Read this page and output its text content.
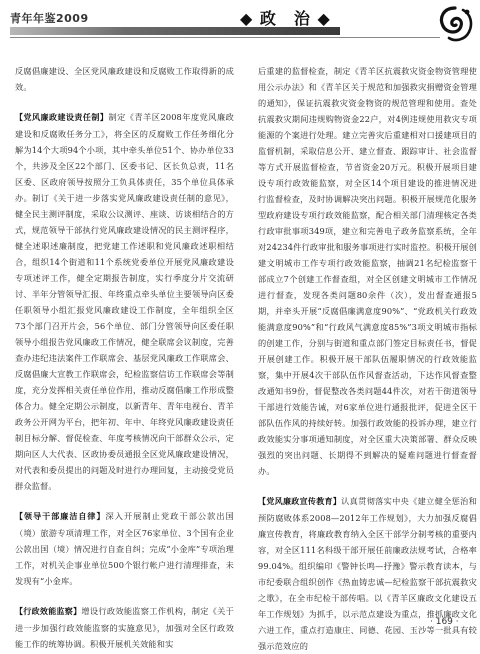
青年年鉴2009	◆ 政　治 ◆

反腐倡廉建设、全区党风廉政建设和反腐败工作取得新的成效。

【党风廉政建设责任制】制定《青羊区2008年度党风廉政建设和反腐败任务分工》，将全区的反腐败工作任务细化分解为14个大项94个小项，其中牵头单位51个、协办单位33个，共涉及全区22个部门、区委书记、区长负总责，11名区委、区政府领导按照分工负具体责任，35个单位具体承办。制订《关于进一步落实党风廉政建设责任制的意见》，健全民主测评制度，采取公议测评、座谈、访谈相结合的方式，规范领导干部执行党风廉政建设情况的民主测评程序，健全述职述廉制度，把党建工作述职和党风廉政述职相结合，组织14个街道和11个系统党委单位开展党风廉政建设专项述评工作，健全定期报告制度，实行季度分片交流研讨、半年分管领导汇报、年终重点牵头单位主要领导向区委任职领导小组汇报党风廉政建设工作制度，全年组织全区73个部门召开片会，56个单位、部门分管领导向区委任职领导小组报告党风廉政工作情况，健全联席会议制度，完善查办违纪违法案件工作联席会、基层党风廉政工作联席会、反腐倡廉大宣教工作联席会，纪检监察信访工作联席会等制度，充分发挥相关责任单位作用，推动反腐倡廉工作形成整体合力。健全定期公示制度，以新青年、青年电视台、青羊政务公开网为平台，把年初、年中、年终党风廉政建设责任制目标分解、督促检查、年度考核情况向干部群众公示，定期向区人大代表、区政协委员通报全区党风廉政建设情况，对代表和委员提出的问题及时进行办理回复，主动接受党员群众监督。

【领导干部廉洁自律】深入开展制止党政干部公款出国（境）旅游专项清理工作，对全区76家单位、3个国有企业公款出国（境）情况进行自查自纠；完成“小金库”专项治理工作，对机关企事业单位500个银行帐户进行清理排查，未发现有“小金库。

【行政效能监察】增设行政效能监察工作机构，制定《关于进一步加强行政效能监察的实施意见》，加强对全区行政效能工作的统筹协调。积极开展机关效能和实

后重建的监督检查，制定《青羊区抗震救灾资金物资管理使用公示办法》和《青羊区关于规范和加强救灾捐赠资金管理的通知》，保证抗震救灾资金物资的规范管理和使用。查处抗震救灾期间违规购物资金22户，对4例违规使用救灾专项能源的个案进行处理。建立完善灾后重建相对口援建项目的监督机制，采取信息公开、建立督查、跟踪审计、社会监督等方式开展监督检查，节省资金20万元。积极开展项目建设专项行政效能监察，对全区14个项目建设的推进情况进行监督检查，及时协调解决突出问题。积极开展规范化服务型政府建设专项行政效能监察，配合相关部门清理核定各类行政审批事项349项，建立和完善电子政务监察系统，全年对24234件行政审批和服务事项进行实时监控。积极开展创建文明城市工作专项行政效能监察，抽调21名纪检监察干部成立7个创建工作督查组，对全区创建文明城市工作情况进行督查，发现各类问题80余件（次），发出督查通报5期，并牵头开展“反腐倡廉满意度90%”、“党政机关行政效能满意度90%”和“行政风气满意度85%”3项文明城市指标的创建工作，分别与街道和重点部门签定目标责任书，督促开展创建工作。积极开展干部队伍履职情况的行政效能监察，集中开展4次干部队伍作风督查活动，下达作风督查整改通知书9份，督促整改各类问题44件次，对若干街道领导干部进行效能告诫，对6家单位进行通报批评，促进全区干部队伍作风的持续好转。加强行政效能的投诉办理，建立行政效能实分事项通知制度，对全区重大决策部署、群众反映强烈的突出问题、长期得不到解决的疑难问题进行督查督办。

【党风廉政宣传教育】认真贯彻落实中央《建立健全惩治和预防腐败体系2008—2012年工作规划》，大力加强反腐倡廉宣传教育，将廉政教育纳入全区干部学分制考核的重要内容，对全区111名科级干部开展任前廉政法规考试，合格率99.04%。组织编印《警钟长鸣—抒豫》警示教育读本，与市纪委联合组织创作《热血铸忠诚—纪检监察干部抗震救灾之歌》，在全市纪检干部传唱。以《青羊区廉政文化建设五年工作规划》为抓手，以示范点建设为重点，推抓廉政文化六进工作，重点打造康庄、同德、花园、玉沙等一批具有较强示范效应的

· 169 ·
